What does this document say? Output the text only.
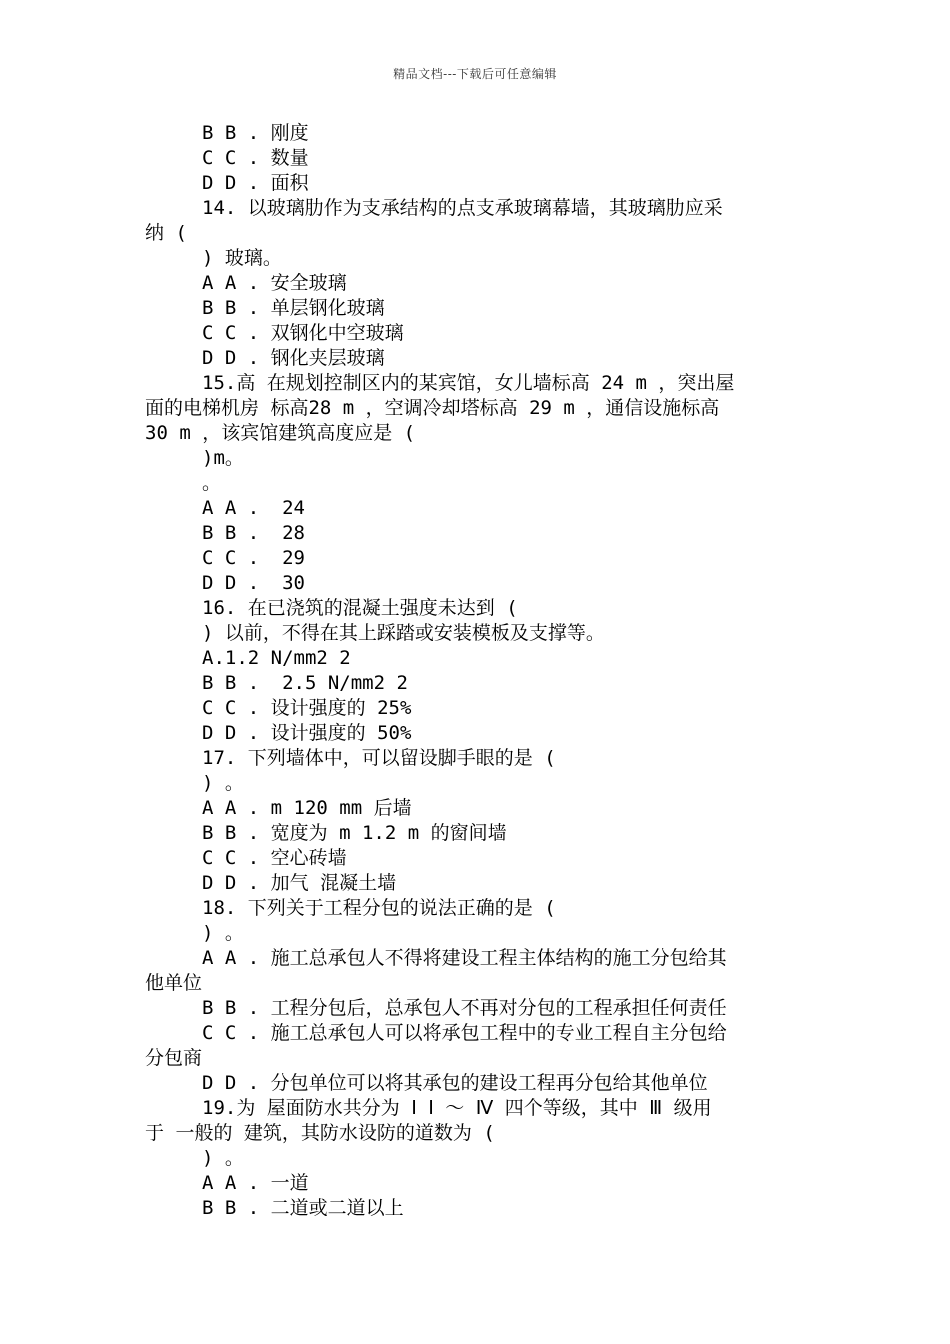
精品文档---下载后可任意编辑
B B . 刚度
C C . 数量
D D . 面积
14. 以玻璃肋作为支承结构的点支承玻璃幕墙，其玻璃肋应采
纳 (
) 玻璃。
A A . 安全玻璃
B B . 单层钢化玻璃
C C . 双钢化中空玻璃
D D . 钢化夹层玻璃
15.高 在规划控制区内的某宾馆，女儿墙标高 24 m ，突出屋
面的电梯机房 标高28 m ，空调冷却塔标高 29 m ，通信设施标高
30 m ，该宾馆建筑高度应是 (
)m。
。
A A .  24
B B .  28
C C .  29
D D .  30
16. 在已浇筑的混凝土强度未达到 (
) 以前，不得在其上踩踏或安装模板及支撑等。
A.1.2 N/mm2 2
B B .  2.5 N/mm2 2
C C . 设计强度的 25%
D D . 设计强度的 50%
17. 下列墙体中，可以留设脚手眼的是 (
) 。
A A . m 120 mm 后墙
B B . 宽度为 m 1.2 m 的窗间墙
C C . 空心砖墙
D D . 加气 混凝土墙
18. 下列关于工程分包的说法正确的是 (
) 。
A A . 施工总承包人不得将建设工程主体结构的施工分包给其
他单位
B B . 工程分包后，总承包人不再对分包的工程承担任何责任
C C . 施工总承包人可以将承包工程中的专业工程自主分包给
分包商
D D . 分包单位可以将其承包的建设工程再分包给其他单位
19.为 屋面防水共分为 Ⅰ Ⅰ ～ Ⅳ 四个等级，其中 Ⅲ 级用
于 一般的 建筑，其防水设防的道数为 (
) 。
A A . 一道
B B . 二道或二道以上
